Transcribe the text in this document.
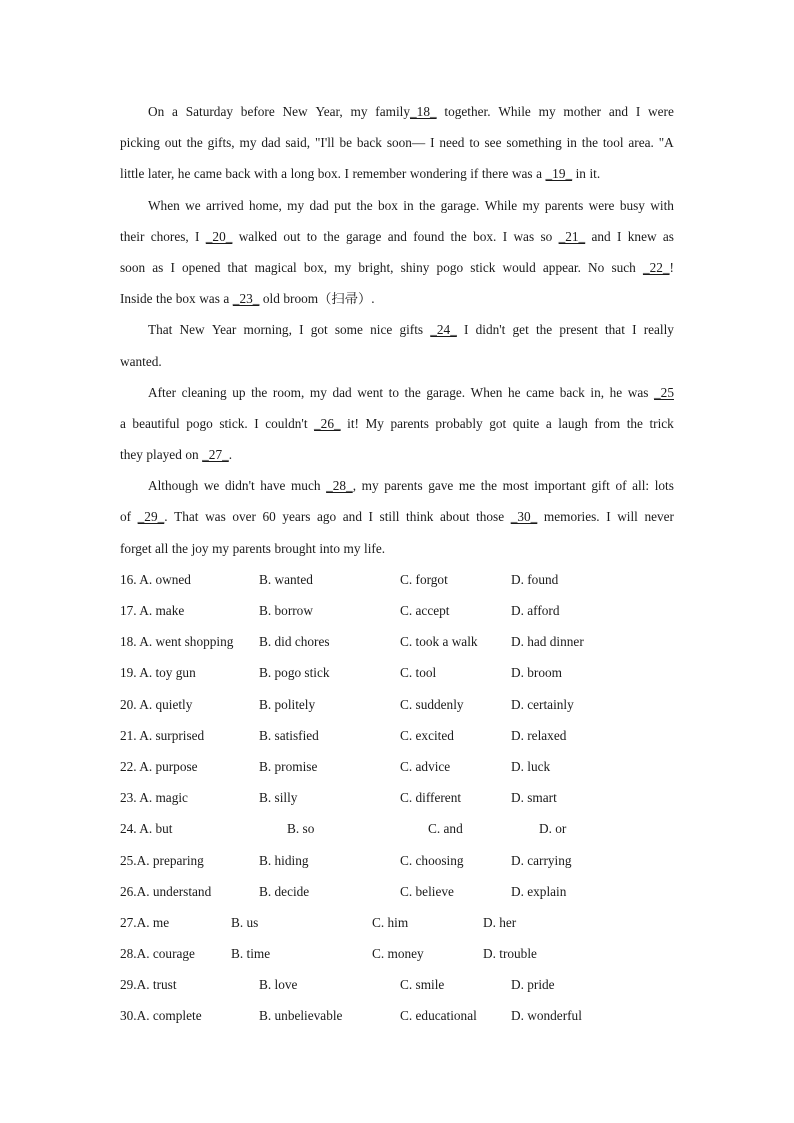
On a Saturday before New Year, my family_18_ together. While my mother and I were
picking out the gifts, my dad said, "I'll be back soon— I need to see something in the tool area. "A
little later, he came back with a long box. I remember wondering if there was a _19_ in it.
When we arrived home, my dad put the box in the garage. While my parents were busy with
their chores, I _20_ walked out to the garage and found the box. I was so _21_ and I knew as
soon as I opened that magical box, my bright, shiny pogo stick would appear. No such _22_!
Inside the box was a _23_ old broom（扫帚）.
That New Year morning, I got some nice gifts _24_ I didn't get the present that I really
wanted.
After cleaning up the room, my dad went to the garage. When he came back in, he was _25
a beautiful pogo stick. I couldn't _26_ it! My parents probably got quite a laugh from the trick
they played on _27_.
Although we didn't have much _28_, my parents gave me the most important gift of all: lots
of _29_. That was over 60 years ago and I still think about those _30_ memories. I will never
forget all the joy my parents brought into my life.
16. A. owned	B. wanted	C. forgot	D. found
17. A. make	B. borrow	C. accept	D. afford
18. A. went shopping B. did chores	C. took a walk	D. had dinner
19. A. toy gun	B. pogo stick	C. tool	D. broom
20. A. quietly	B. politely	C. suddenly	D. certainly
21. A. surprised	B. satisfied	C. excited	D. relaxed
22. A. purpose	B. promise	C. advice	D. luck
23. A. magic	B. silly	C. different	D. smart
24. A. but	B. so	C. and	D. or
25.A. preparing	B. hiding	C. choosing	D. carrying
26.A. understand	B. decide	C. believe	D. explain
27.A. me	B. us	C. him	D. her
28.A. courage	B. time	C. money	D. trouble
29.A. trust	B. love	C. smile	D. pride
30.A. complete	B. unbelievable	C. educational	D. wonderful
